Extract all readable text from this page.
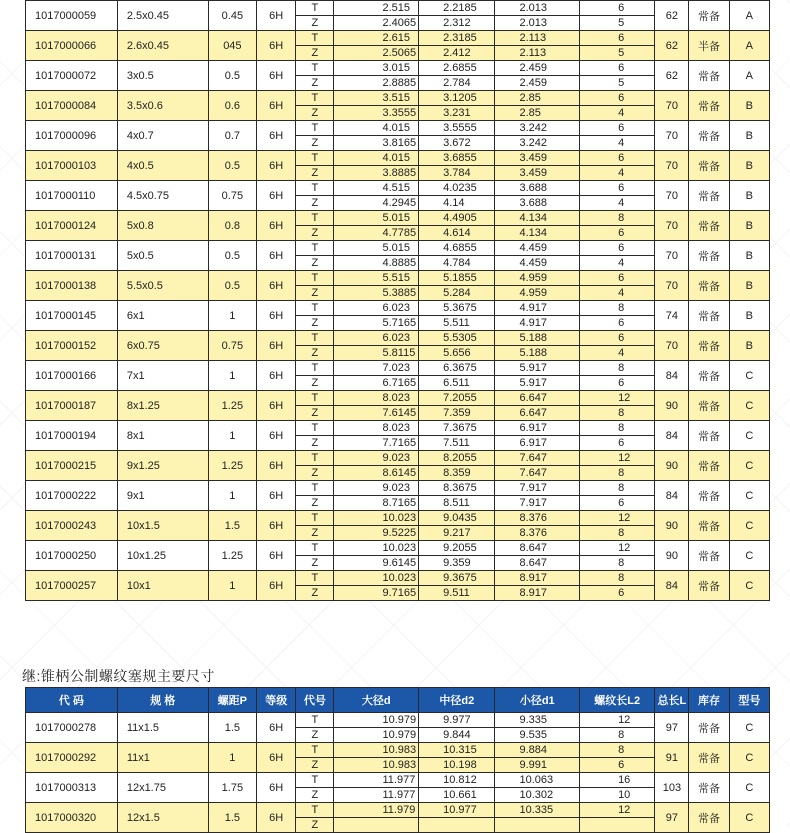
1017000059	2.5x0.45	0.45	6H	T	2.515	2.2185	2.013	6	62	常备	A
				Z	2.4065	2.312	2.013	5			
1017000066	2.6x0.45	045	6H	T	2.615	2.3185	2.113	6	62	半备	A
				Z	2.5065	2.412	2.113	5			
1017000072	3x0.5	0.5	6H	T	3.015	2.6855	2.459	6	62	常备	A
				Z	2.8885	2.784	2.459	5			
1017000084	3.5x0.6	0.6	6H	T	3.515	3.1205	2.85	6	70	常备	B
				Z	3.3555	3.231	2.85	4			
1017000096	4x0.7	0.7	6H	T	4.015	3.5555	3.242	6	70	常备	B
				Z	3.8165	3.672	3.242	4			
1017000103	4x0.5	0.5	6H	T	4.015	3.6855	3.459	6	70	常备	B
				Z	3.8885	3.784	3.459	4			
1017000110	4.5x0.75	0.75	6H	T	4.515	4.0235	3.688	6	70	常备	B
				Z	4.2945	4.14	3.688	4			
1017000124	5x0.8	0.8	6H	T	5.015	4.4905	4.134	8	70	常备	B
				Z	4.7785	4.614	4.134	6			
1017000131	5x0.5	0.5	6H	T	5.015	4.6855	4.459	6	70	常备	B
				Z	4.8885	4.784	4.459	4			
1017000138	5.5x0.5	0.5	6H	T	5.515	5.1855	4.959	6	70	常备	B
				Z	5.3885	5.284	4.959	4			
1017000145	6x1	1	6H	T	6.023	5.3675	4.917	8	74	常备	B
				Z	5.7165	5.511	4.917	6			
1017000152	6x0.75	0.75	6H	T	6.023	5.5305	5.188	6	70	常备	B
				Z	5.8115	5.656	5.188	4			
1017000166	7x1	1	6H	T	7.023	6.3675	5.917	8	84	常备	C
				Z	6.7165	6.511	5.917	6			
1017000187	8x1.25	1.25	6H	T	8.023	7.2055	6.647	12	90	常备	C
				Z	7.6145	7.359	6.647	8			
1017000194	8x1	1	6H	T	8.023	7.3675	6.917	8	84	常备	C
				Z	7.7165	7.511	6.917	6			
1017000215	9x1.25	1.25	6H	T	9.023	8.2055	7.647	12	90	常备	C
				Z	8.6145	8.359	7.647	8			
1017000222	9x1	1	6H	T	9.023	8.3675	7.917	8	84	常备	C
				Z	8.7165	8.511	7.917	6			
1017000243	10x1.5	1.5	6H	T	10.023	9.0435	8.376	12	90	常备	C
				Z	9.5225	9.217	8.376	8			
1017000250	10x1.25	1.25	6H	T	10.023	9.2055	8.647	12	90	常备	C
				Z	9.6145	9.359	8.647	8			
1017000257	10x1	1	6H	T	10.023	9.3675	8.917	8	84	常备	C
				Z	9.7165	9.511	8.917	6			
继:锥柄公制螺纹塞规主要尺寸
代 码	规 格	螺距P	等级	代号	大径d	中径d2	小径d1	螺纹长L2	总长L	库存	型号
1017000278	11x1.5	1.5	6H	T	10.979	9.977	9.335	12	97	常备	C
				Z	10.979	9.844	9.535	8			
1017000292	11x1	1	6H	T	10.983	10.315	9.884	8	91	常备	C
				Z	10.983	10.198	9.991	6			
1017000313	12x1.75	1.75	6H	T	11.977	10.812	10.063	16	103	常备	C
				Z	11.977	10.661	10.302	10			
1017000320	12x1.5	1.5	6H	T	11.979	10.977	10.335	12	97	常备	C
				Z							
